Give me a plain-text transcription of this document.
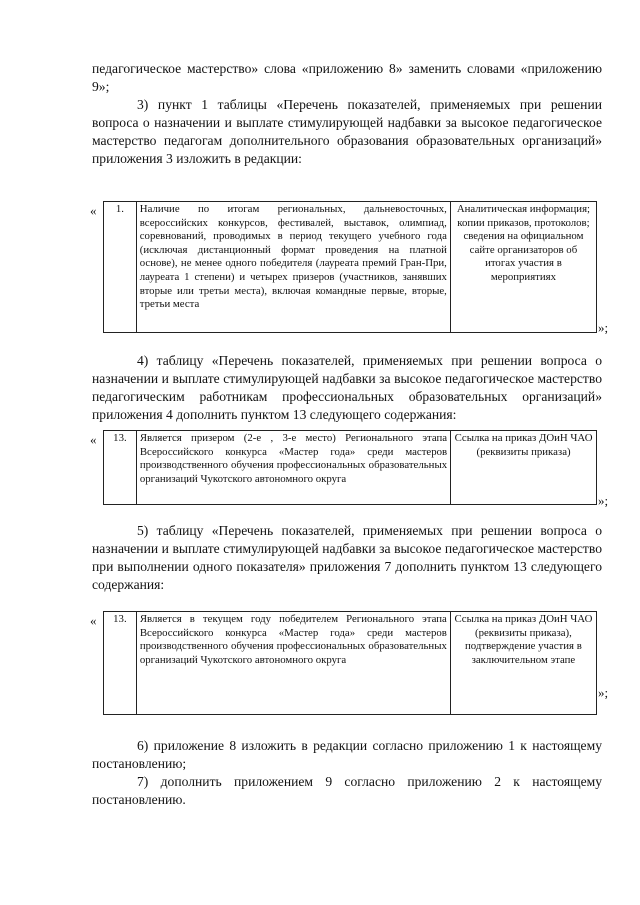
педагогическое мастерство» слова «приложению 8» заменить словами «приложению 9»;

3) пункт 1 таблицы «Перечень показателей, применяемых при решении вопроса о назначении и выплате стимулирующей надбавки за высокое педагогическое мастерство педагогам дополнительного образования образовательных организаций» приложения 3 изложить в редакции:

« 1.	Наличие по итогам региональных, дальневосточных, всероссийских конкурсов, фестивалей, выставок, олимпиад, соревнований, проводимых в период текущего учебного года (исключая дистанционный формат проведения на платной основе), не менее одного победителя (лауреата премий Гран-При, лауреата 1 степени) и четырех призеров (участников, занявших вторые или третьи места), включая командные первые, вторые, третьи места	Аналитическая информация; копии приказов, протоколов; сведения на официальном сайте организаторов об итогах участия в мероприятиях
»;

4) таблицу «Перечень показателей, применяемых при решении вопроса о назначении и выплате стимулирующей надбавки за высокое педагогическое мастерство педагогическим работникам профессиональных образовательных организаций» приложения 4 дополнить пунктом 13 следующего содержания:

« 13.	Является призером (2-е , 3-е место) Регионального этапа Всероссийского конкурса «Мастер года» среди мастеров производственного обучения профессиональных образовательных организаций Чукотского автономного округа	Ссылка на приказ ДОиН ЧАО (реквизиты приказа)
»;

5) таблицу «Перечень показателей, применяемых при решении вопроса о назначении и выплате стимулирующей надбавки за высокое педагогическое мастерство при выполнении одного показателя» приложения 7 дополнить пунктом 13 следующего содержания:

« 13.	Является в текущем году победителем Регионального этапа Всероссийского конкурса «Мастер года» среди мастеров производственного обучения профессиональных образовательных организаций Чукотского автономного округа	Ссылка на приказ ДОиН ЧАО (реквизиты приказа), подтверждение участия в заключительном этапе
»;

6) приложение 8 изложить в редакции согласно приложению 1 к настоящему постановлению;

7) дополнить приложением 9 согласно приложению 2 к настоящему постановлению.
